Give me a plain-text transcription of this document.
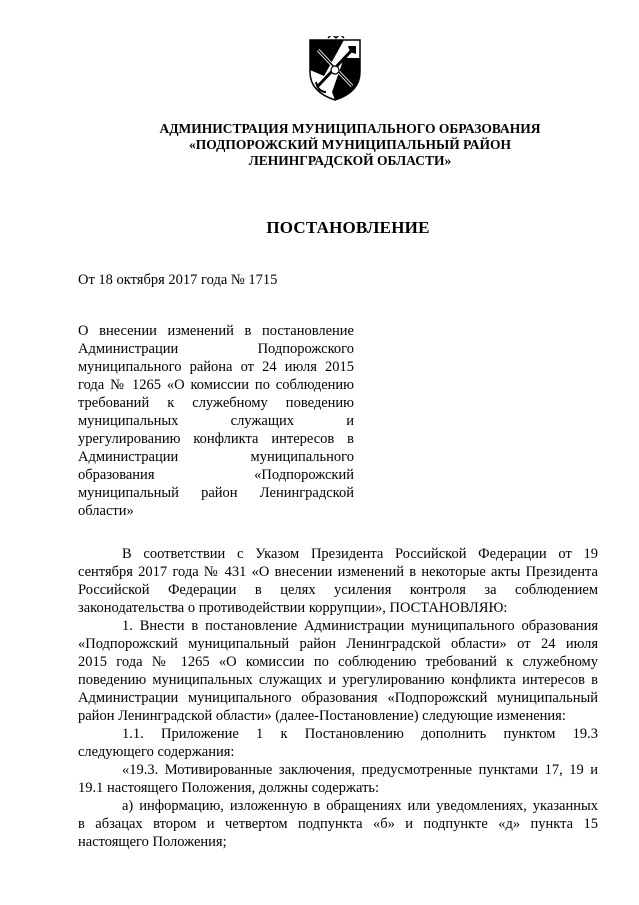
АДМИНИСТРАЦИЯ МУНИЦИПАЛЬНОГО ОБРАЗОВАНИЯ
«ПОДПОРОЖСКИЙ МУНИЦИПАЛЬНЫЙ РАЙОН
ЛЕНИНГРАДСКОЙ ОБЛАСТИ»
ПОСТАНОВЛЕНИЕ
От 18 октября 2017 года № 1715
О внесении изменений в постановление
Администрации Подпорожского
муниципального района от 24 июля 2015
года № 1265 «О комиссии по соблюдению
требований к служебному поведению
муниципальных служащих и
урегулированию конфликта интересов в
Администрации муниципального
образования «Подпорожский
муниципальный район Ленинградской
области»
В соответствии с Указом Президента Российской Федерации от 19
сентября 2017 года № 431 «О внесении изменений в некоторые акты Президента
Российской Федерации в целях усиления контроля за соблюдением
законодательства о противодействии коррупции», ПОСТАНОВЛЯЮ:
1. Внести в постановление Администрации муниципального образования
«Подпорожский муниципальный район Ленинградской области» от 24 июля
2015 года № 1265 «О комиссии по соблюдению требований к служебному
поведению муниципальных служащих и урегулированию конфликта интересов в
Администрации муниципального образования «Подпорожский муниципальный
район Ленинградской области» (далее-Постановление) следующие изменения:
1.1. Приложение 1 к Постановлению дополнить пунктом 19.3
следующего содержания:
«19.3. Мотивированные заключения, предусмотренные пунктами 17, 19 и
19.1 настоящего Положения, должны содержать:
а) информацию, изложенную в обращениях или уведомлениях, указанных
в абзацах втором и четвертом подпункта «б» и подпункте «д» пункта 15
настоящего Положения;
